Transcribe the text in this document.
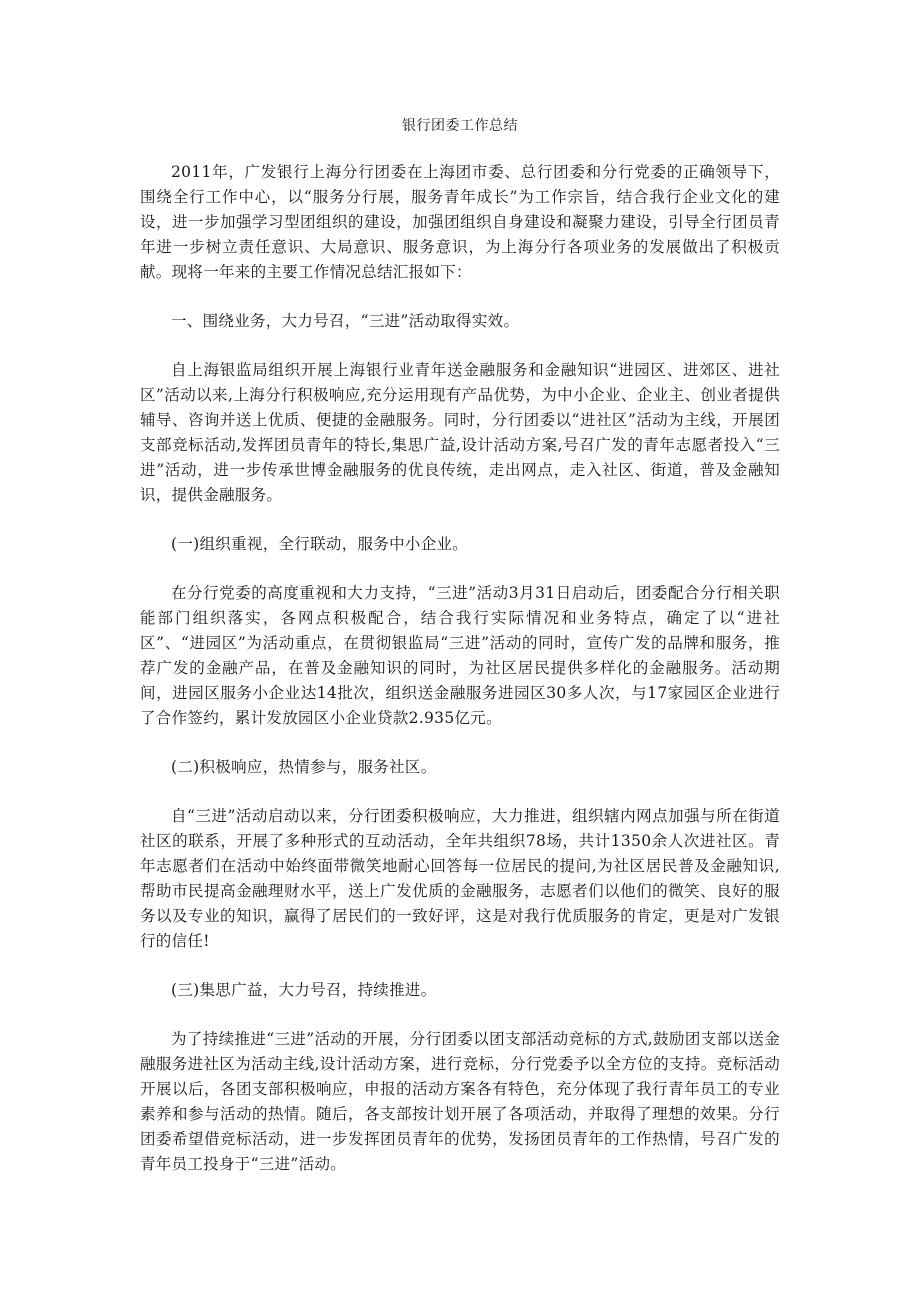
银行团委工作总结

2011年，广发银行上海分行团委在上海团市委、总行团委和分行党委的正确领导下，围绕全行工作中心，以“服务分行展，服务青年成长”为工作宗旨，结合我行企业文化的建设，进一步加强学习型团组织的建设，加强团组织自身建设和凝聚力建设，引导全行团员青年进一步树立责任意识、大局意识、服务意识，为上海分行各项业务的发展做出了积极贡献。现将一年来的主要工作情况总结汇报如下：

一、围绕业务，大力号召，“三进”活动取得实效。

自上海银监局组织开展上海银行业青年送金融服务和金融知识“进园区、进郊区、进社区”活动以来,上海分行积极响应,充分运用现有产品优势，为中小企业、企业主、创业者提供辅导、咨询并送上优质、便捷的金融服务。同时，分行团委以“进社区”活动为主线，开展团支部竞标活动,发挥团员青年的特长,集思广益,设计活动方案,号召广发的青年志愿者投入“三进”活动，进一步传承世博金融服务的优良传统，走出网点，走入社区、街道，普及金融知识，提供金融服务。

(一)组织重视，全行联动，服务中小企业。

在分行党委的高度重视和大力支持，“三进”活动3月31日启动后，团委配合分行相关职能部门组织落实，各网点积极配合，结合我行实际情况和业务特点，确定了以“进社区”、“进园区”为活动重点，在贯彻银监局“三进”活动的同时，宣传广发的品牌和服务，推荐广发的金融产品，在普及金融知识的同时，为社区居民提供多样化的金融服务。活动期间，进园区服务小企业达14批次，组织送金融服务进园区30多人次，与17家园区企业进行了合作签约，累计发放园区小企业贷款2.935亿元。

(二)积极响应，热情参与，服务社区。

自“三进”活动启动以来，分行团委积极响应，大力推进，组织辖内网点加强与所在街道社区的联系，开展了多种形式的互动活动，全年共组织78场，共计1350余人次进社区。青年志愿者们在活动中始终面带微笑地耐心回答每一位居民的提问,为社区居民普及金融知识,帮助市民提高金融理财水平，送上广发优质的金融服务，志愿者们以他们的微笑、良好的服务以及专业的知识，赢得了居民们的一致好评，这是对我行优质服务的肯定，更是对广发银行的信任!

(三)集思广益，大力号召，持续推进。

为了持续推进“三进”活动的开展，分行团委以团支部活动竞标的方式,鼓励团支部以送金融服务进社区为活动主线,设计活动方案，进行竞标，分行党委予以全方位的支持。竞标活动开展以后，各团支部积极响应，申报的活动方案各有特色，充分体现了我行青年员工的专业素养和参与活动的热情。随后，各支部按计划开展了各项活动，并取得了理想的效果。分行团委希望借竞标活动，进一步发挥团员青年的优势，发扬团员青年的工作热情，号召广发的青年员工投身于“三进”活动。
